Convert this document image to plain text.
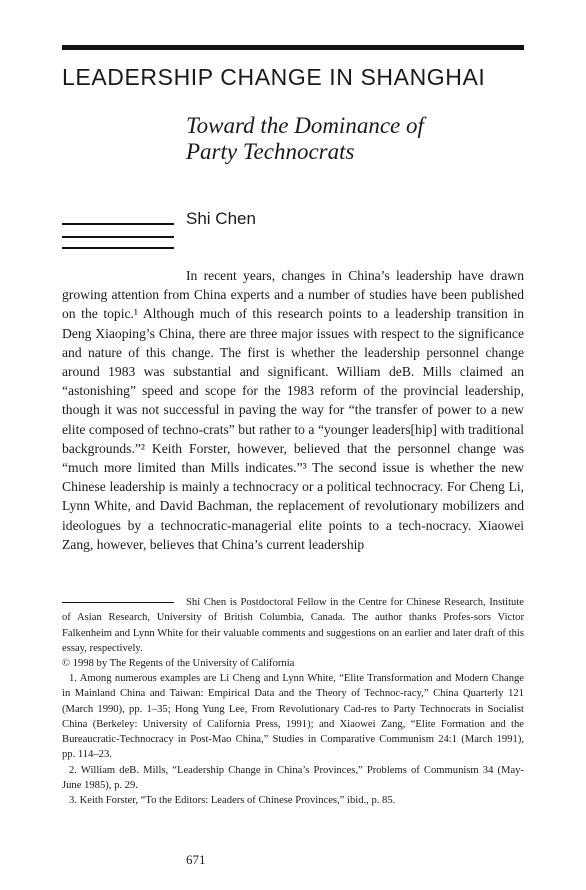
LEADERSHIP CHANGE IN SHANGHAI
Toward the Dominance of
Party Technocrats
Shi Chen

In recent years, changes in China’s leadership have drawn growing attention from China experts and a number of studies have been published on the topic.¹ Although much of this research points to a leadership transition in Deng Xiaoping’s China, there are three major issues with respect to the significance and nature of this change. The first is whether the leadership personnel change around 1983 was substantial and significant. William deB. Mills claimed an “astonishing” speed and scope for the 1983 reform of the provincial leadership, though it was not successful in paving the way for “the transfer of power to a new elite composed of techno-crats” but rather to a “younger leaders[hip] with traditional backgrounds.”² Keith Forster, however, believed that the personnel change was “much more limited than Mills indicates.”³ The second issue is whether the new Chinese leadership is mainly a technocracy or a political technocracy. For Cheng Li, Lynn White, and David Bachman, the replacement of revolutionary mobilizers and ideologues by a technocratic-managerial elite points to a tech-nocracy. Xiaowei Zang, however, believes that China’s current leadership

Shi Chen is Postdoctoral Fellow in the Centre for Chinese Research, Institute of Asian Research, University of British Columbia, Canada. The author thanks Profes-sors Victor Falkenheim and Lynn White for their valuable comments and suggestions on an earlier and later draft of this essay, respectively.

© 1998 by The Regents of the University of California

1. Among numerous examples are Li Cheng and Lynn White, “Elite Transformation and Modern Change in Mainland China and Taiwan: Empirical Data and the Theory of Technoc-racy,” China Quarterly 121 (March 1990), pp. 1–35; Hong Yung Lee, From Revolutionary Cad-res to Party Technocrats in Socialist China (Berkeley: University of California Press, 1991); and Xiaowei Zang, “Elite Formation and the Bureaucratic-Technocracy in Post-Mao China,” Studies in Comparative Communism 24:1 (March 1991), pp. 114–23.

2. William deB. Mills, “Leadership Change in China’s Provinces,” Problems of Communism 34 (May-June 1985), p. 29.

3. Keith Forster, “To the Editors: Leaders of Chinese Provinces,” ibid., p. 85.

671
